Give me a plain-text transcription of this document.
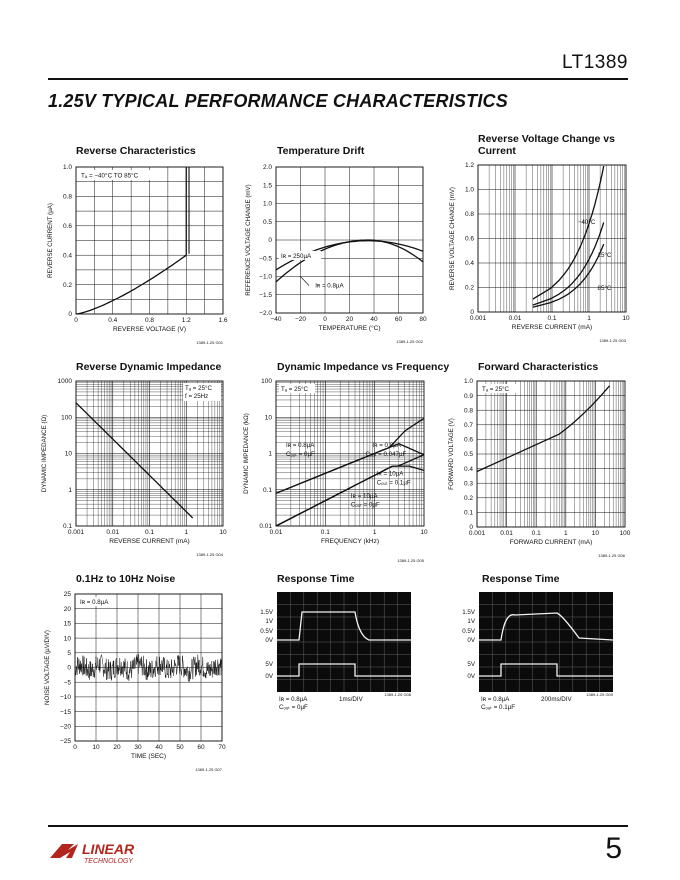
LT1389
1.25V TYPICAL PERFORMANCE CHARACTERISTICS
Reverse Characteristics	Temperature Drift
Reverse Voltage Change vs Current
Reverse Dynamic Impedance	Dynamic Impedance vs Frequency	Forward Characteristics
0.1Hz to 10Hz Noise	Response Time	Response Time
0	0.4	0.8	1.2	1.6
0
0.2
0.4
0.6
0.8
1.0
REVERSE VOLTAGE (V)
REVERSE CURRENT (µA)
1389-1.25 G01
Tₐ = −40°C TO 85°C
−40 −20	0	20	40	60	80
−2.0
−1.5
−1.0
−0.5
0
0.5
1.0
1.5
2.0
TEMPERATURE (°C)
REFERENCE VOLTAGE CHANGE (mV)
1389-1.25 G02
Iʀ = 250µA
Iʀ = 0.8µA
0.001	0.01	0.1	1	10
0
0.2
0.4
0.6
0.8
1.0
1.2
REVERSE CURRENT (mA)
REVERSE VOLTAGE CHANGE (mV)
1389-1.25 G03
−40°C
25°C
85°C
0.001	0.01	0.1	1	10
0.1
1
10
100
1000
REVERSE CURRENT (mA)
DYNAMIC IMPEDANCE (Ω)
1389-1.25 G04
Tₐ = 25°C
f = 25Hz
0.01	0.1	1	10
0.01
0.1
1
10
100
FREQUENCY (kHz)
DYNAMIC IMPEDANCE (kΩ)
1389-1.25 G05
Tₐ = 25°C
Iʀ = 0.8µA
Cₒᵤₜ = 0µF
Iʀ = 0.8µA
Cₒᵤₜ = 0.047µF
Iʀ = 10µA
Cₒᵤₜ = 0.1µF
Iʀ = 10µA
Cₒᵤₜ = 0µF
0.001 0.01	0.1	1	10	100
0
0.1
0.2
0.3
0.4
0.5
0.6
0.7
0.8
0.9
1.0
FORWARD CURRENT (mA)
FORWARD VOLTAGE (V)
1389-1.25 G06
Tₐ = 25°C
0 10 20 30 40 50 60 70
−25
−20
−15
−10
−5
0
5
10
15
20
25
TIME (SEC)
NOISE VOLTAGE (µV/DIV)
1389-1.25 G07
Iʀ = 0.8µA
1.5V
1V
0.5V
0V
5V
0V
Iʀ = 0.8µA
Cₒᵤₜ = 0µF
1ms/DIV
1389-1.25 G08
1.5V
1V
0.5V
0V
5V
0V
Iʀ = 0.8µA
Cₒᵤₜ = 0.1µF
200ms/DIV
1389-1.25 G09
LINEAR
TECHNOLOGY	5
